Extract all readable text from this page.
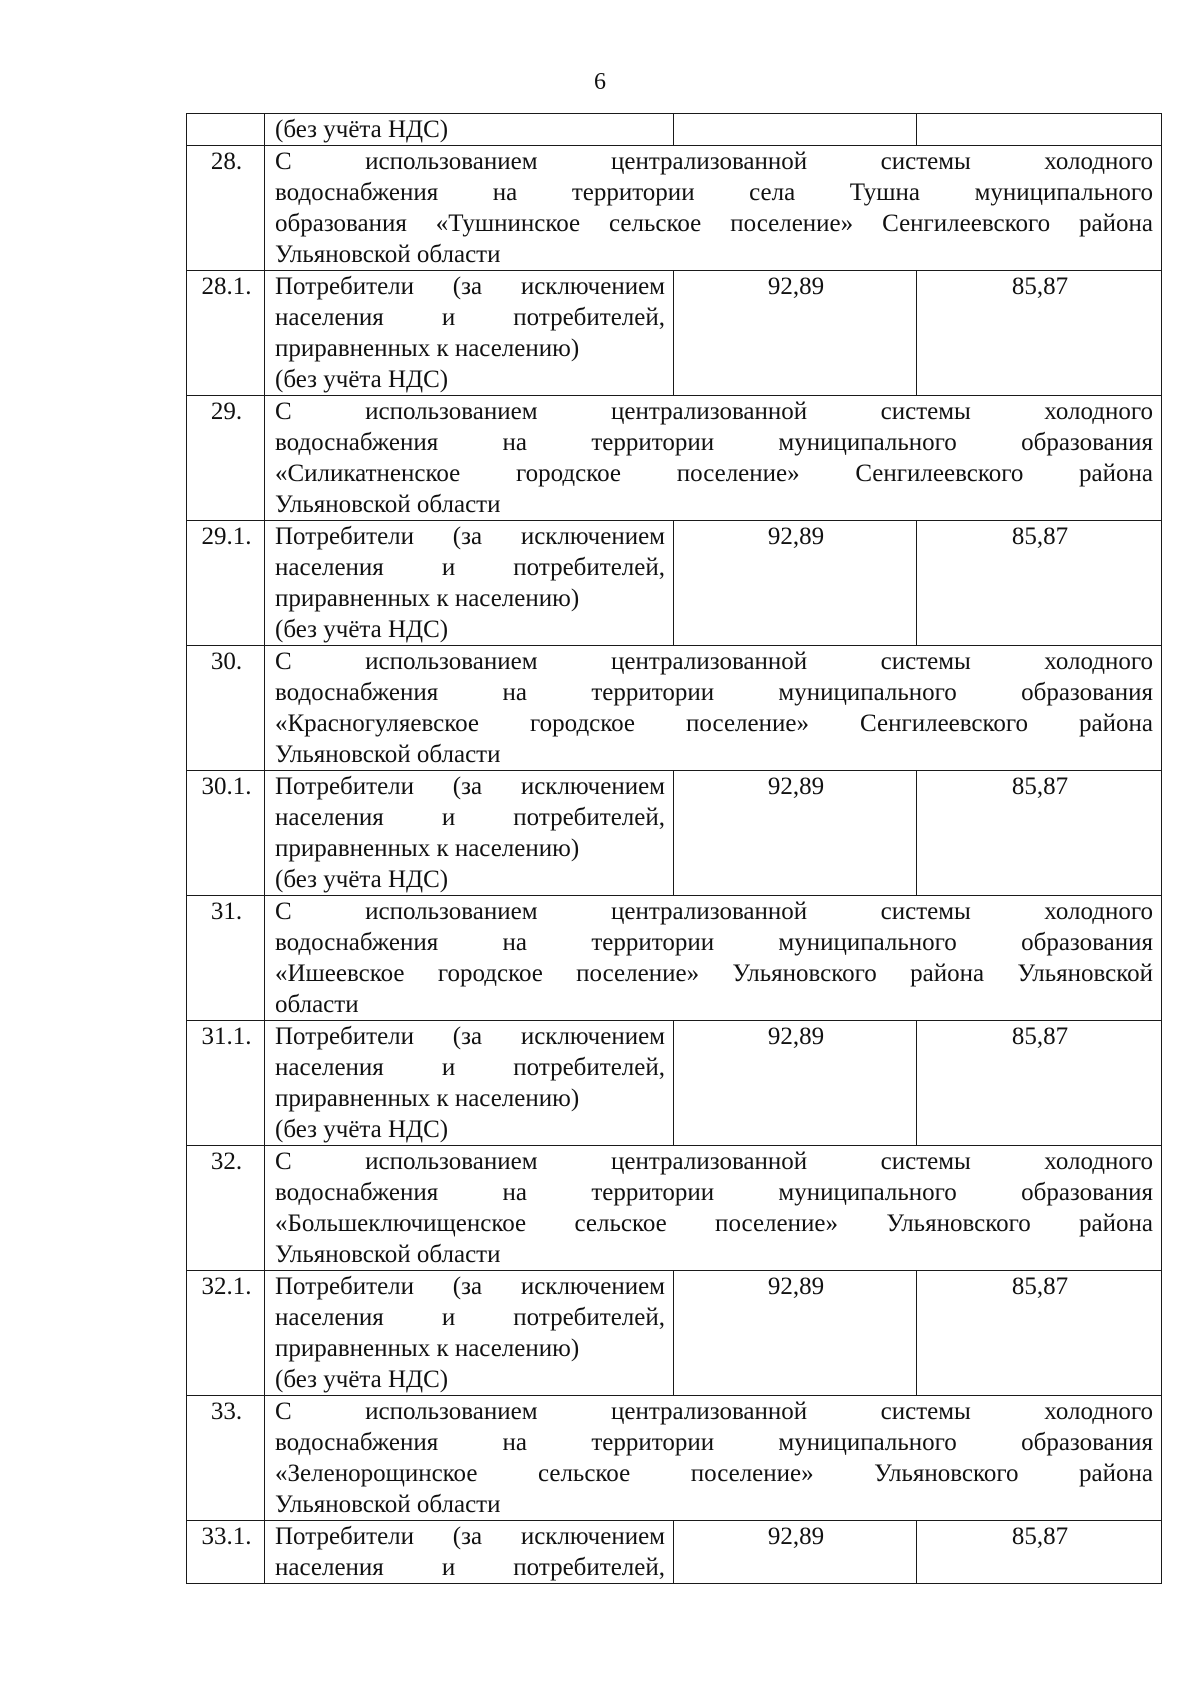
6
	(без учёта НДС)		
28.	С использованием централизованной системы холодного
водоснабжения на территории села Тушна муниципального
образования «Тушнинское сельское поселение» Сенгилеевского района
Ульяновской области		

28.1.	Потребители (за исключением
населения и потребителей,
приравненных к населению)
(без учёта НДС)	92,89	85,87
29.	С использованием централизованной системы холодного
водоснабжения на территории муниципального образования
«Силикатненское городское поселение» Сенгилеевского района
Ульяновской области		

29.1.	Потребители (за исключением
населения и потребителей,
приравненных к населению)
(без учёта НДС)	92,89	85,87
30.	С использованием централизованной системы холодного
водоснабжения на территории муниципального образования
«Красногуляевское городское поселение» Сенгилеевского района
Ульяновской области		

30.1.	Потребители (за исключением
населения и потребителей,
приравненных к населению)
(без учёта НДС)	92,89	85,87
31.	С использованием централизованной системы холодного
водоснабжения на территории муниципального образования
«Ишеевское городское поселение» Ульяновского района Ульяновской
области		

31.1.	Потребители (за исключением
населения и потребителей,
приравненных к населению)
(без учёта НДС)	92,89	85,87
32.	С использованием централизованной системы холодного
водоснабжения на территории муниципального образования
«Большеключищенское сельское поселение» Ульяновского района
Ульяновской области		

32.1.	Потребители (за исключением
населения и потребителей,
приравненных к населению)
(без учёта НДС)	92,89	85,87
33.	С использованием централизованной системы холодного
водоснабжения на территории муниципального образования
«Зеленорощинское сельское поселение» Ульяновского района
Ульяновской области		

33.1.	Потребители (за исключением
населения и потребителей,	92,89	85,87
